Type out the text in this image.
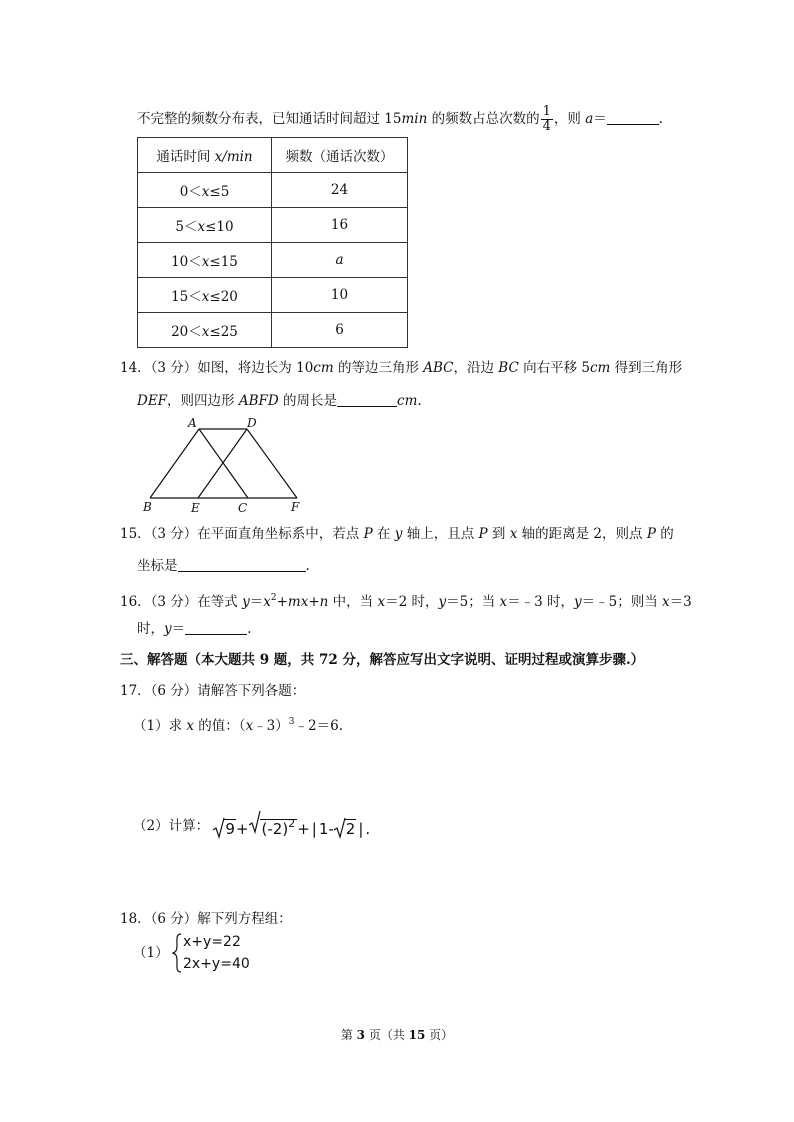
不完整的频数分布表，已知通话时间超过 15min 的频数占总次数的 $\frac{1}{4}$ ，则 a＝	.
通话时间 x/min	频数（通话次数）
0＜x≤5	24
5＜x≤10	16
10＜x≤15	a
15＜x≤20	10
20＜x≤25	6
14．（3 分）如图，将边长为 10cm 的等边三角形 ABC，沿边 BC 向右平移 5cm 得到三角形
DEF，则四边形 ABFD 的周长是	cm.
A	D
B	E	C	F
15．（3 分）在平面直角坐标系中，若点 P 在 y 轴上，且点 P 到 x 轴的距离是 2，则点 P 的
坐标是	.
16．（3 分）在等式 $y=x^2+mx+n$ 中，当 x＝2 时，y＝5；当 x＝﹣3 时，y＝﹣5；则当 x＝3
时，y＝	.
三、解答题（本大题共 9 题，共 72 分，解答应写出文字说明、证明过程或演算步骤.）
17．（6 分）请解答下列各题：
（1）求 x 的值：（x﹣3）$^3$﹣2＝6.
（2）计算： $9+ (-2)^2$ + | 1- 2 | .
18．（6 分）解下列方程组：
（1）
x+y=22
2x+y=40
第 3 页（共 15 页）
